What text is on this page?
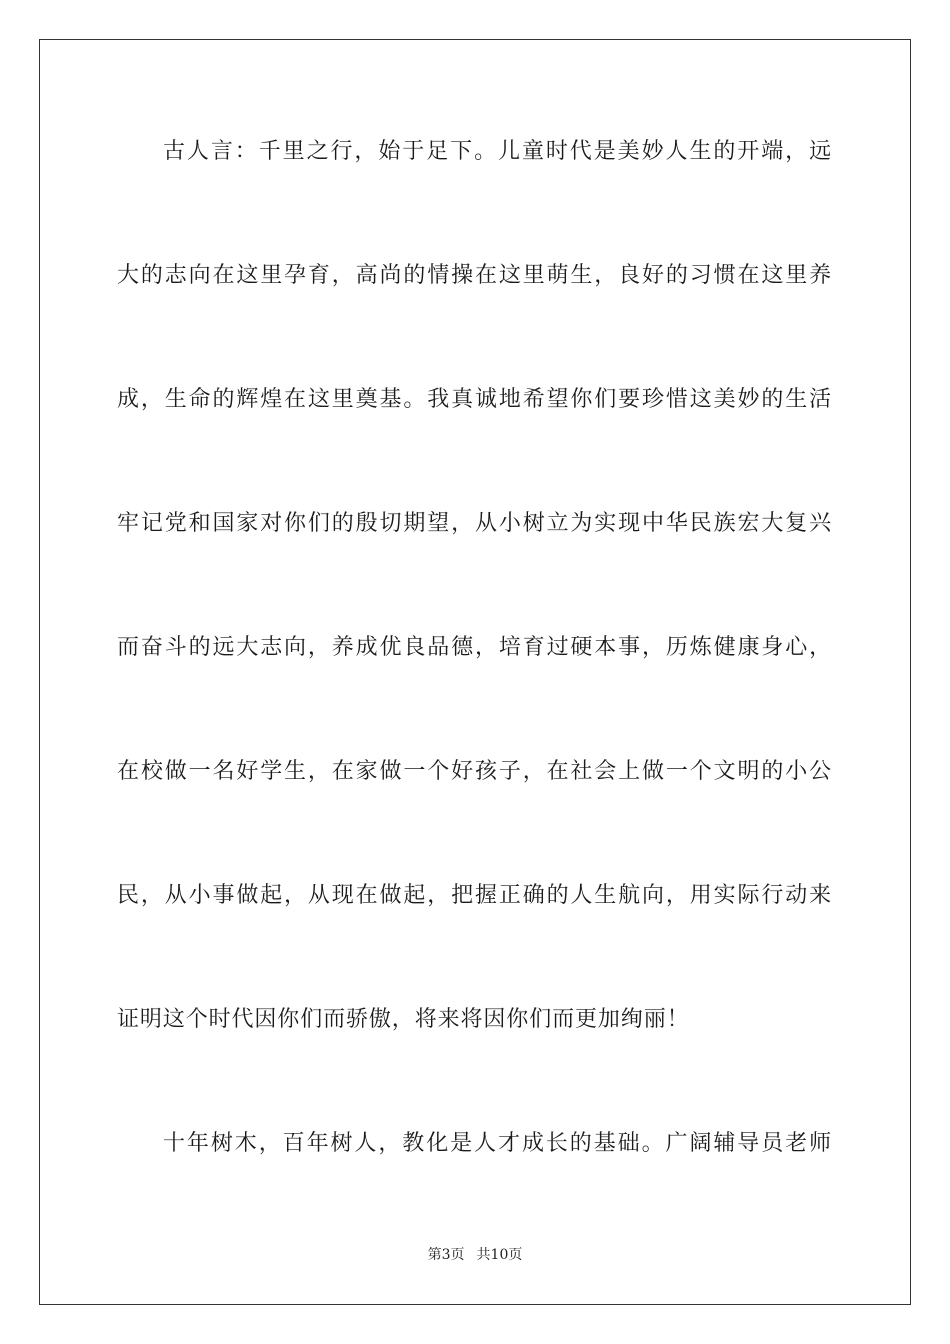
古人言：千里之行，始于足下。儿童时代是美妙人生的开端，远
大的志向在这里孕育，高尚的情操在这里萌生，良好的习惯在这里养
成，生命的辉煌在这里奠基。我真诚地希望你们要珍惜这美妙的生活
牢记党和国家对你们的殷切期望，从小树立为实现中华民族宏大复兴
而奋斗的远大志向，养成优良品德，培育过硬本事，历炼健康身心，
在校做一名好学生，在家做一个好孩子，在社会上做一个文明的小公
民，从小事做起，从现在做起，把握正确的人生航向，用实际行动来
证明这个时代因你们而骄傲，将来将因你们而更加绚丽！
十年树木，百年树人，教化是人才成长的基础。广阔辅导员老师
第3页 共10页
